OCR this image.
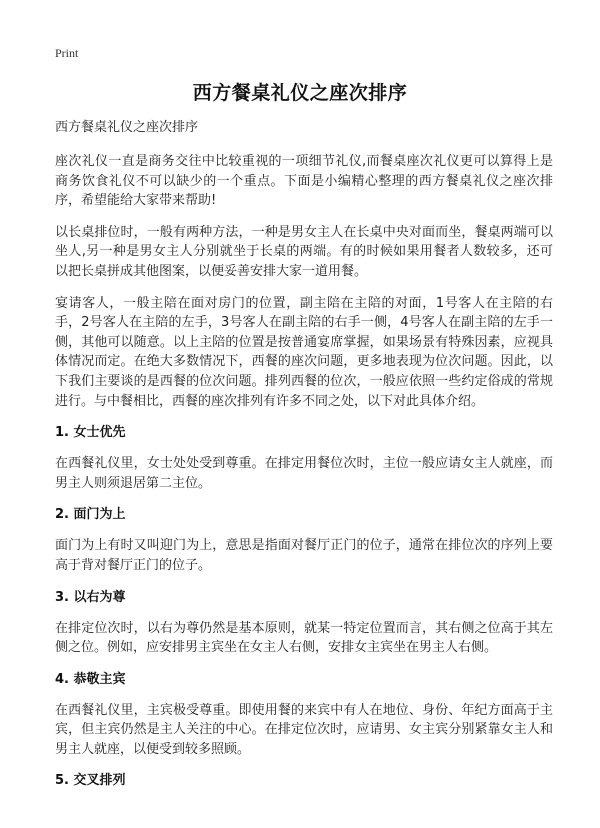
Print
西方餐桌礼仪之座次排序

西方餐桌礼仪之座次排序

座次礼仪一直是商务交往中比较重视的一项细节礼仪,而餐桌座次礼仪更可以算得上是商务饮食礼仪不可以缺少的一个重点。下面是小编精心整理的西方餐桌礼仪之座次排序，希望能给大家带来帮助!

以长桌排位时，一般有两种方法，一种是男女主人在长桌中央对面而坐，餐桌两端可以坐人,另一种是男女主人分别就坐于长桌的两端。有的时候如果用餐者人数较多，还可以把长桌拼成其他图案，以便妥善安排大家一道用餐。

宴请客人，一般主陪在面对房门的位置，副主陪在主陪的对面，1号客人在主陪的右手，2号客人在主陪的左手，3号客人在副主陪的右手一侧，4号客人在副主陪的左手一侧，其他可以随意。以上主陪的位置是按普通宴席掌握，如果场景有特殊因素，应视具体情况而定。在绝大多数情况下，西餐的座次问题，更多地表现为位次问题。因此，以下我们主要谈的是西餐的位次问题。排列西餐的位次，一般应依照一些约定俗成的常规进行。与中餐相比，西餐的座次排列有许多不同之处，以下对此具体介绍。

1. 女士优先

在西餐礼仪里，女士处处受到尊重。在排定用餐位次时，主位一般应请女主人就座，而男主人则须退居第二主位。

2. 面门为上

面门为上有时又叫迎门为上，意思是指面对餐厅正门的位子，通常在排位次的序列上要高于背对餐厅正门的位子。

3. 以右为尊

在排定位次时，以右为尊仍然是基本原则，就某一特定位置而言，其右侧之位高于其左侧之位。例如，应安排男主宾坐在女主人右侧，安排女主宾坐在男主人右侧。

4. 恭敬主宾

在西餐礼仪里，主宾极受尊重。即使用餐的来宾中有人在地位、身份、年纪方面高于主宾，但主宾仍然是主人关注的中心。在排定位次时，应请男、女主宾分别紧靠女主人和男主人就座，以便受到较多照顾。

5. 交叉排列
